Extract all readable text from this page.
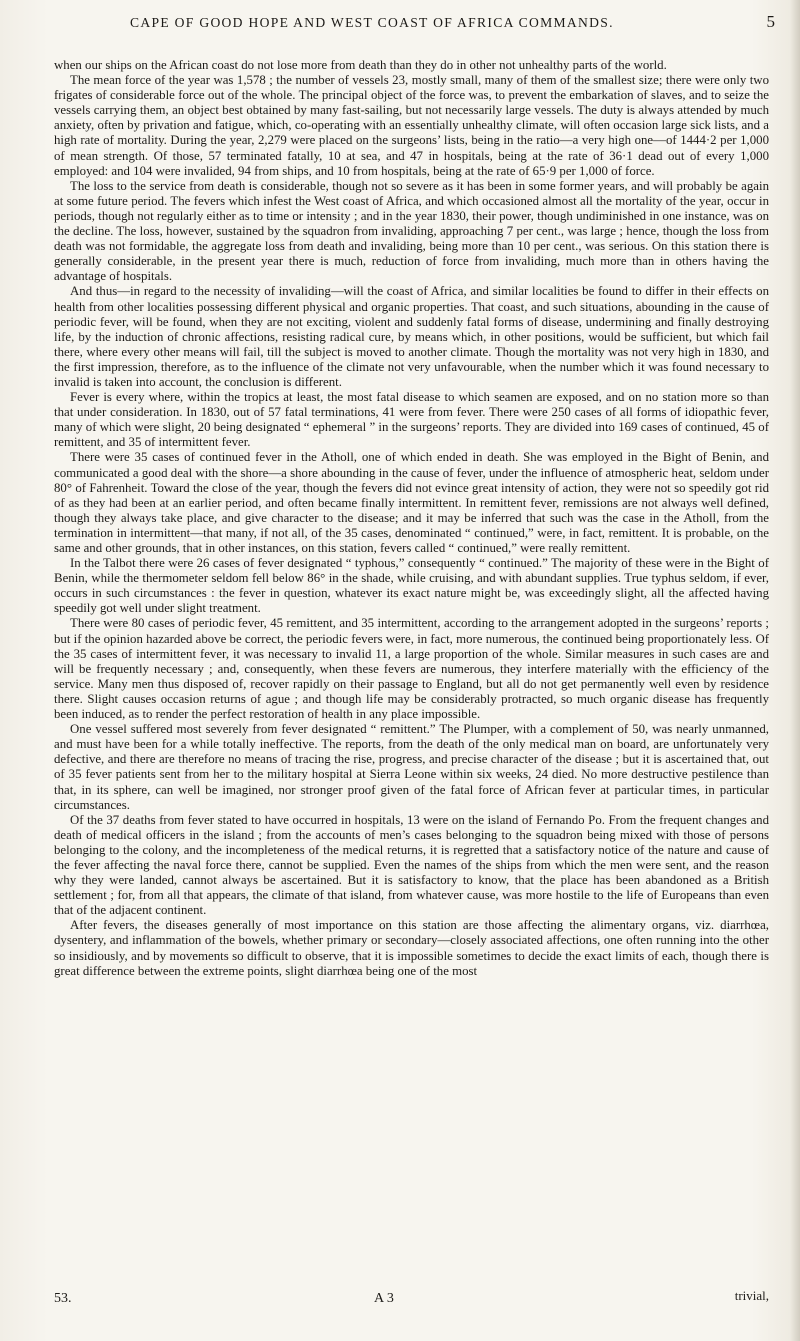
CAPE OF GOOD HOPE AND WEST COAST OF AFRICA COMMANDS.	5

when our ships on the African coast do not lose more from death than they do in other not unhealthy parts of the world.

The mean force of the year was 1,578 ; the number of vessels 23, mostly small, many of them of the smallest size; there were only two frigates of considerable force out of the whole. The principal object of the force was, to prevent the embarkation of slaves, and to seize the vessels carrying them, an object best obtained by many fast-sailing, but not necessarily large vessels. The duty is always attended by much anxiety, often by privation and fatigue, which, co-operating with an essentially unhealthy climate, will often occasion large sick lists, and a high rate of mortality. During the year, 2,279 were placed on the surgeons’ lists, being in the ratio—a very high one—of 1444·2 per 1,000 of mean strength. Of those, 57 terminated fatally, 10 at sea, and 47 in hospitals, being at the rate of 36·1 dead out of every 1,000 employed: and 104 were invalided, 94 from ships, and 10 from hospitals, being at the rate of 65·9 per 1,000 of force.

The loss to the service from death is considerable, though not so severe as it has been in some former years, and will probably be again at some future period. The fevers which infest the West coast of Africa, and which occasioned almost all the mortality of the year, occur in periods, though not regularly either as to time or intensity ; and in the year 1830, their power, though undiminished in one instance, was on the decline. The loss, however, sustained by the squadron from invaliding, approaching 7 per cent., was large ; hence, though the loss from death was not formidable, the aggregate loss from death and invaliding, being more than 10 per cent., was serious. On this station there is generally considerable, in the present year there is much, reduction of force from invaliding, much more than in others having the advantage of hospitals.

And thus—in regard to the necessity of invaliding—will the coast of Africa, and similar localities be found to differ in their effects on health from other localities possessing different physical and organic properties. That coast, and such situations, abounding in the cause of periodic fever, will be found, when they are not exciting, violent and suddenly fatal forms of disease, undermining and finally destroying life, by the induction of chronic affections, resisting radical cure, by means which, in other positions, would be sufficient, but which fail there, where every other means will fail, till the subject is moved to another climate. Though the mortality was not very high in 1830, and the first impression, therefore, as to the influence of the climate not very unfavourable, when the number which it was found necessary to invalid is taken into account, the conclusion is different.

Fever is every where, within the tropics at least, the most fatal disease to which seamen are exposed, and on no station more so than that under consideration. In 1830, out of 57 fatal terminations, 41 were from fever. There were 250 cases of all forms of idiopathic fever, many of which were slight, 20 being designated “ ephemeral ” in the surgeons’ reports. They are divided into 169 cases of continued, 45 of remittent, and 35 of intermittent fever.

There were 35 cases of continued fever in the Atholl, one of which ended in death. She was employed in the Bight of Benin, and communicated a good deal with the shore—a shore abounding in the cause of fever, under the influence of atmospheric heat, seldom under 80° of Fahrenheit. Toward the close of the year, though the fevers did not evince great intensity of action, they were not so speedily got rid of as they had been at an earlier period, and often became finally intermittent. In remittent fever, remissions are not always well defined, though they always take place, and give character to the disease; and it may be inferred that such was the case in the Atholl, from the termination in intermittent—that many, if not all, of the 35 cases, denominated “ continued,” were, in fact, remittent. It is probable, on the same and other grounds, that in other instances, on this station, fevers called “ continued,” were really remittent.

In the Talbot there were 26 cases of fever designated “ typhous,” consequently “ continued.” The majority of these were in the Bight of Benin, while the thermometer seldom fell below 86° in the shade, while cruising, and with abundant supplies. True typhus seldom, if ever, occurs in such circumstances : the fever in question, whatever its exact nature might be, was exceedingly slight, all the affected having speedily got well under slight treatment.

There were 80 cases of periodic fever, 45 remittent, and 35 intermittent, according to the arrangement adopted in the surgeons’ reports ; but if the opinion hazarded above be correct, the periodic fevers were, in fact, more numerous, the continued being proportionately less. Of the 35 cases of intermittent fever, it was necessary to invalid 11, a large proportion of the whole. Similar measures in such cases are and will be frequently necessary ; and, consequently, when these fevers are numerous, they interfere materially with the efficiency of the service. Many men thus disposed of, recover rapidly on their passage to England, but all do not get permanently well even by residence there. Slight causes occasion returns of ague ; and though life may be considerably protracted, so much organic disease has frequently been induced, as to render the perfect restoration of health in any place impossible.

One vessel suffered most severely from fever designated “ remittent.” The Plumper, with a complement of 50, was nearly unmanned, and must have been for a while totally ineffective. The reports, from the death of the only medical man on board, are unfortunately very defective, and there are therefore no means of tracing the rise, progress, and precise character of the disease ; but it is ascertained that, out of 35 fever patients sent from her to the military hospital at Sierra Leone within six weeks, 24 died. No more destructive pestilence than that, in its sphere, can well be imagined, nor stronger proof given of the fatal force of African fever at particular times, in particular circumstances.

Of the 37 deaths from fever stated to have occurred in hospitals, 13 were on the island of Fernando Po. From the frequent changes and death of medical officers in the island ; from the accounts of men’s cases belonging to the squadron being mixed with those of persons belonging to the colony, and the incompleteness of the medical returns, it is regretted that a satisfactory notice of the nature and cause of the fever affecting the naval force there, cannot be supplied. Even the names of the ships from which the men were sent, and the reason why they were landed, cannot always be ascertained. But it is satisfactory to know, that the place has been abandoned as a British settlement ; for, from all that appears, the climate of that island, from whatever cause, was more hostile to the life of Europeans than even that of the adjacent continent.

After fevers, the diseases generally of most importance on this station are those affecting the alimentary organs, viz. diarrhœa, dysentery, and inflammation of the bowels, whether primary or secondary—closely associated affections, one often running into the other so insidiously, and by movements so difficult to observe, that it is impossible sometimes to decide the exact limits of each, though there is great difference between the extreme points, slight diarrhœa being one of the most

53.	A 3	trivial,
